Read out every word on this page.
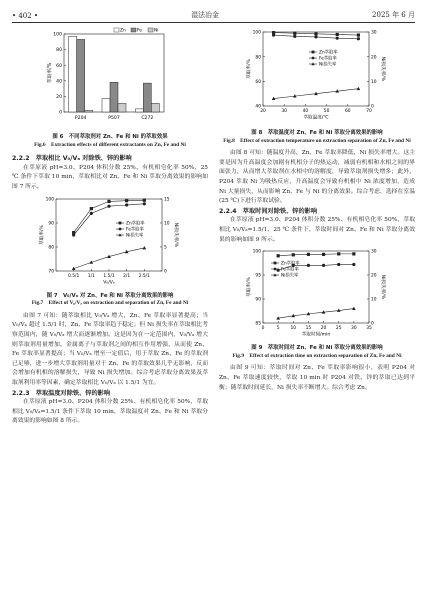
• 402 •	湿法冶金	2025 年 6 月
0
20
40
60
80
100
萃取率/%
P204	P507	C272
Zn	Fe	Ni

图 6　不同萃取剂对 Zn、Fe 和 Ni 的萃取效果

Fig.6　Extraction effects of different extractants on Zn, Fe and Ni

2.2.2　萃取相比 V₀/Vₐ 对除铁、锌的影响

在萃原液 pH=3.0、P204 体积分数 25%、有机相皂化率 50%、25 ℃ 条件下萃取 10 min，萃取相比对 Zn、Fe 和 Ni 萃取分离效果的影响如图 7 所示。

0.5/1 1/1 1.5/1 2/1 2.5/1
70
80
90
100
0
5
10
15
萃取率/%	Ni损失率/%
V₀/Vₐ
Zn萃取率
Fe萃取率
Ni损失率

图 7　V₀/Vₐ 对 Zn、Fe 和 Ni 萃取分离效果的影响

Fig.7　Effect of V₀/Vₐ on extraction and separation of Zn, Fe and Ni

由图 7 可知：随萃取相比 V₀/Vₐ 增大，Zn、Fe 萃取率显著提高；当 V₀/Vₐ 超过 1.5/1 时，Zn、Fe 萃取率趋于稳定；但 Ni 损失率在萃取相比考察范围内，随 V₀/Vₐ 增大而逐渐增加。这是因为在一定范围内，V₀/Vₐ 增大则萃取剂用量增加，金属离子与萃取剂之间的相互作用增强，从而使 Zn、Fe 萃取率显著提高；当 V₀/Vₐ 增至一定值后，用于萃取 Zn、Fe 的萃取剂已足够，进一步增大萃取剂用量对于 Zn、Fe 的萃取效果几乎无影响，反而会增加有机相的溶解损失，导致 Ni 损失增加。综合考虑萃取分离效果及萃取剂利用率等因素，确定萃取相比 V₀/Vₐ 以 1.5/1 为宜。

2.2.3　萃取温度对除铁、锌的影响

在萃原液 pH=3.0、P204 体积分数 25%、有机相皂化率 50%、萃取相比 V₀/Vₐ=1.5/1 条件下萃取 10 min，萃取温度对 Zn、Fe 和 Ni 萃取分离效果的影响如图 8 所示。

20	30	40	50	60	70
40
60
80
100
0
10
20
30
萃取率/%	Ni损失率/%
萃取温度/℃
Zn萃取率
Fe萃取率
Ni损失率

图 8　萃取温度对 Zn、Fe 和 Ni 萃取分离效果的影响

Fig.8　Effect of extraction temperature on extraction separation of Zn, Fe and Ni

由图 8 可知：随温度升高，Zn、Fe 萃取率降低，Ni 损失率增大。这主要是因为升高温度会加剧有机相分子的热运动，减弱有机相和水相之间的界面张力，从而增大萃取剂在水相中的溶解度，导致萃取剂损失增多；此外，P204 萃取 Ni 为吸热反应，升高温度会导致有机相中 Ni 浓度增加，造成 Ni 大量损失，从而影响 Zn、Fe 与 Ni 的分离效果。综合考虑，选择在室温(25 ℃)下进行萃取试验。

2.2.4　萃取时间对除铁、锌的影响

在萃原液 pH=3.0、P204 体积分数 25%、有机相皂化率 50%、萃取相比 V₀/Vₐ=1.5/1、25 ℃ 条件下，萃取时间对 Zn、Fe 和 Ni 萃取分离效果的影响如图 9 所示。

0	5 10 15 20 25 30 35
85
90
95
100
0
10
20
30
萃取率/%	Ni损失率/%
萃取时间/min
Zn萃取率
Fe萃取率
Ni损失率

图 9　萃取时间对 Zn、Fe 和 Ni 萃取分离效果的影响

Fig.9　Effect of extraction time on extraction separation of Zn, Fe and Ni

由图 9 可知：萃取时间对 Zn、Fe 萃取率影响很小，表明 P204 对 Zn、Fe 萃取速度较快，萃取 10 min 时 P204 对铁、锌的萃取已达到平衡；随萃取时间延长，Ni 损失率不断增大。综合考虑 Zn、
